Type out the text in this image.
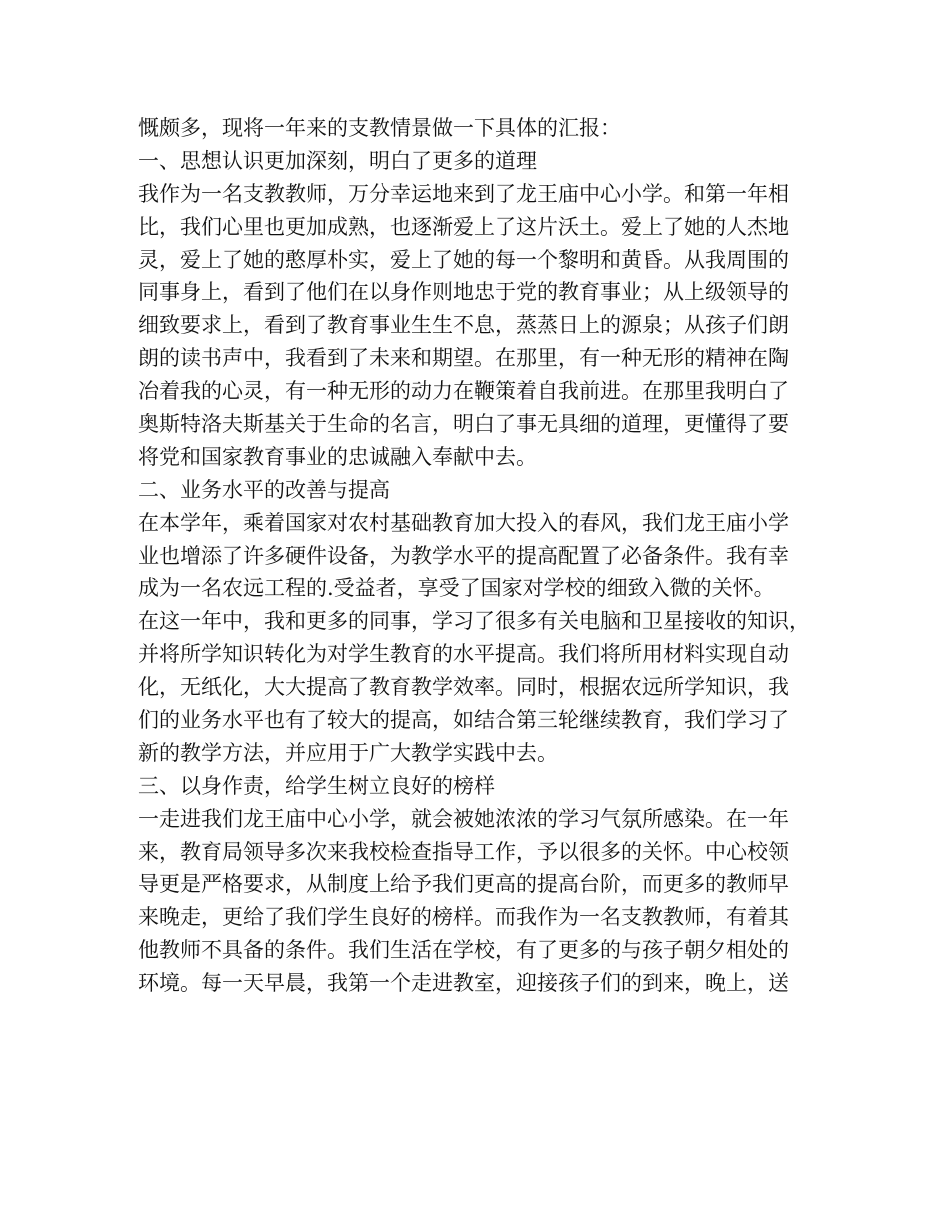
慨颇多，现将一年来的支教情景做一下具体的汇报：
一、思想认识更加深刻，明白了更多的道理
我作为一名支教教师，万分幸运地来到了龙王庙中心小学。和第一年相
比，我们心里也更加成熟，也逐渐爱上了这片沃土。爱上了她的人杰地
灵，爱上了她的憨厚朴实，爱上了她的每一个黎明和黄昏。从我周围的
同事身上，看到了他们在以身作则地忠于党的教育事业；从上级领导的
细致要求上，看到了教育事业生生不息，蒸蒸日上的源泉；从孩子们朗
朗的读书声中，我看到了未来和期望。在那里，有一种无形的精神在陶
冶着我的心灵，有一种无形的动力在鞭策着自我前进。在那里我明白了
奥斯特洛夫斯基关于生命的名言，明白了事无具细的道理，更懂得了要
将党和国家教育事业的忠诚融入奉献中去。
二、业务水平的改善与提高
在本学年，乘着国家对农村基础教育加大投入的春风，我们龙王庙小学
业也增添了许多硬件设备，为教学水平的提高配置了必备条件。我有幸
成为一名农远工程的.受益者，享受了国家对学校的细致入微的关怀。
在这一年中，我和更多的同事，学习了很多有关电脑和卫星接收的知识，
并将所学知识转化为对学生教育的水平提高。我们将所用材料实现自动
化，无纸化，大大提高了教育教学效率。同时，根据农远所学知识，我
们的业务水平也有了较大的提高，如结合第三轮继续教育，我们学习了
新的教学方法，并应用于广大教学实践中去。
三、以身作责，给学生树立良好的榜样
一走进我们龙王庙中心小学，就会被她浓浓的学习气氛所感染。在一年
来，教育局领导多次来我校检查指导工作，予以很多的关怀。中心校领
导更是严格要求，从制度上给予我们更高的提高台阶，而更多的教师早
来晚走，更给了我们学生良好的榜样。而我作为一名支教教师，有着其
他教师不具备的条件。我们生活在学校，有了更多的与孩子朝夕相处的
环境。每一天早晨，我第一个走进教室，迎接孩子们的到来，晚上，送
